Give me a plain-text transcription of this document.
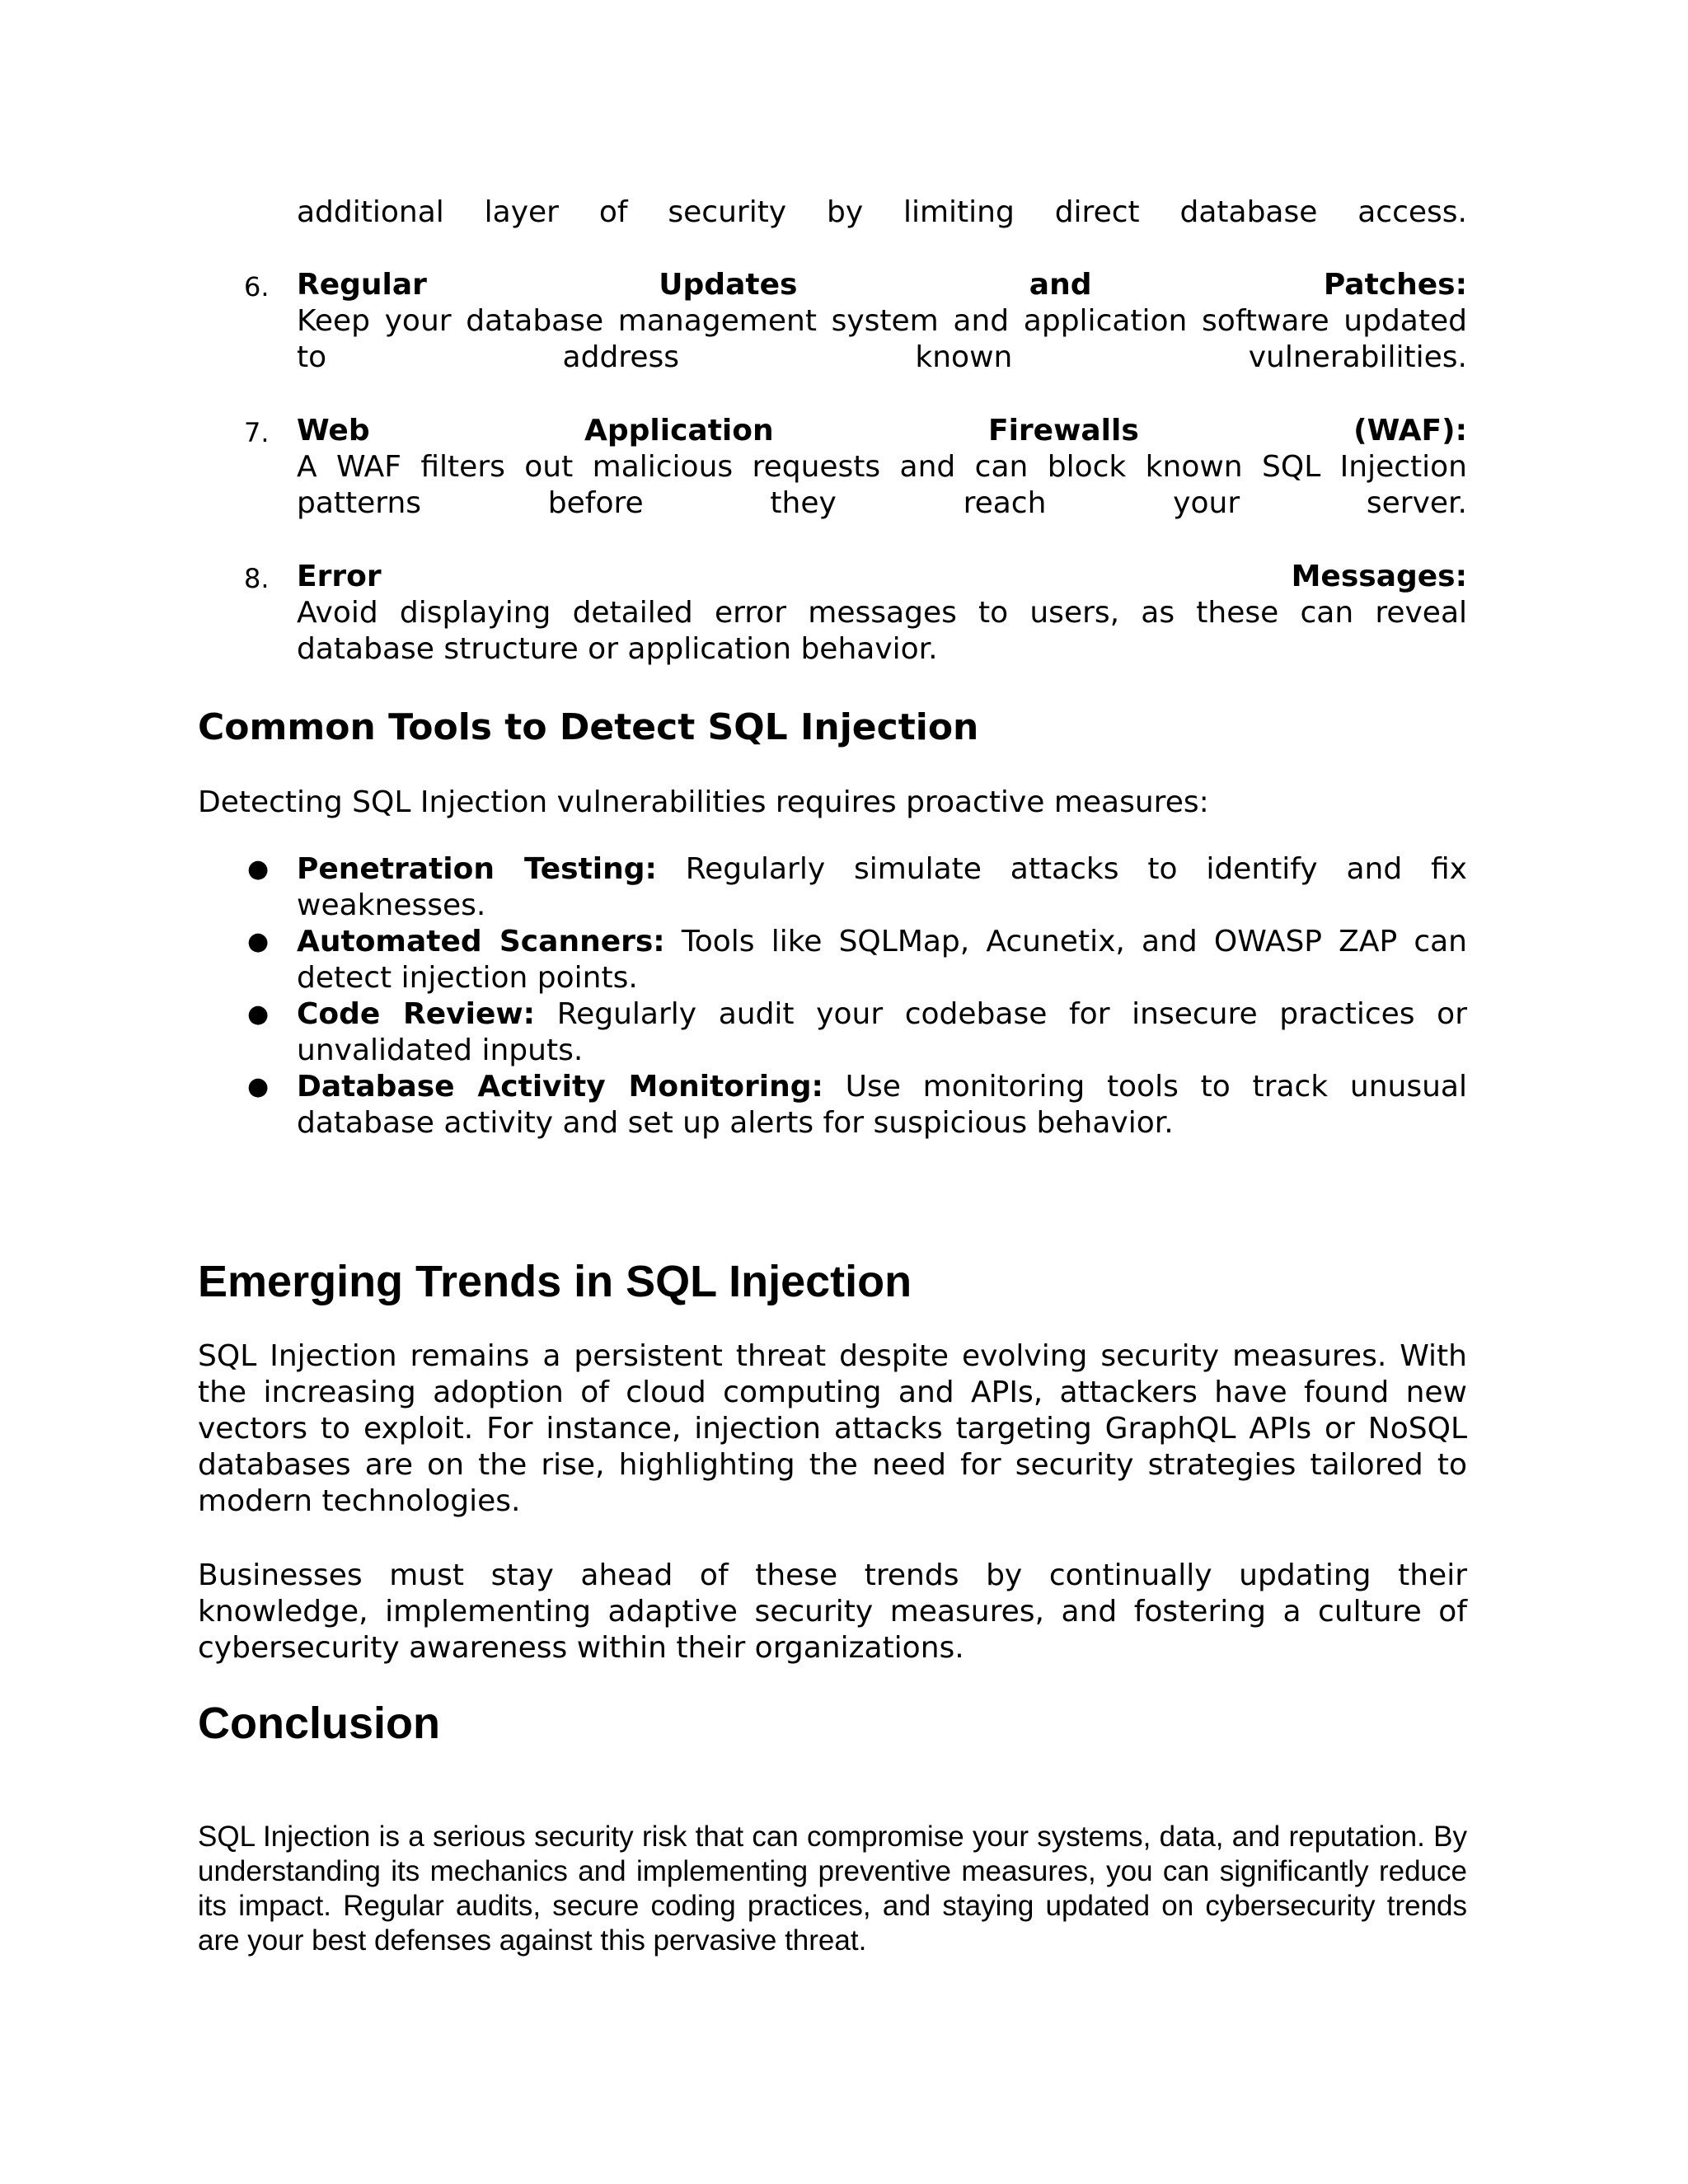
additional layer of security by limiting direct database access.
6. Regular Updates and Patches:
Keep your database management system and application software updated
to address known vulnerabilities.
7. Web Application Firewalls (WAF):
A WAF filters out malicious requests and can block known SQL Injection
patterns before they reach your server.
8. Error	Messages:
Avoid displaying detailed error messages to users, as these can reveal
database structure or application behavior.
Common Tools to Detect SQL Injection
Detecting SQL Injection vulnerabilities requires proactive measures:
● Penetration Testing: Regularly simulate attacks to identify and fix weaknesses.
● Automated Scanners: Tools like SQLMap, Acunetix, and OWASP ZAP can detect injection points.
● Code Review: Regularly audit your codebase for insecure practices or unvalidated inputs.
● Database Activity Monitoring: Use monitoring tools to track unusual database activity and set up alerts for suspicious behavior.
Emerging Trends in SQL Injection
SQL Injection remains a persistent threat despite evolving security measures. With the increasing adoption of cloud computing and APIs, attackers have found new vectors to exploit. For instance, injection attacks targeting GraphQL APIs or NoSQL databases are on the rise, highlighting the need for security strategies tailored to modern technologies.
Businesses must stay ahead of these trends by continually updating their knowledge, implementing adaptive security measures, and fostering a culture of cybersecurity awareness within their organizations.
Conclusion
SQL Injection is a serious security risk that can compromise your systems, data, and reputation. By understanding its mechanics and implementing preventive measures, you can significantly reduce its impact. Regular audits, secure coding practices, and staying updated on cybersecurity trends are your best defenses against this pervasive threat.
